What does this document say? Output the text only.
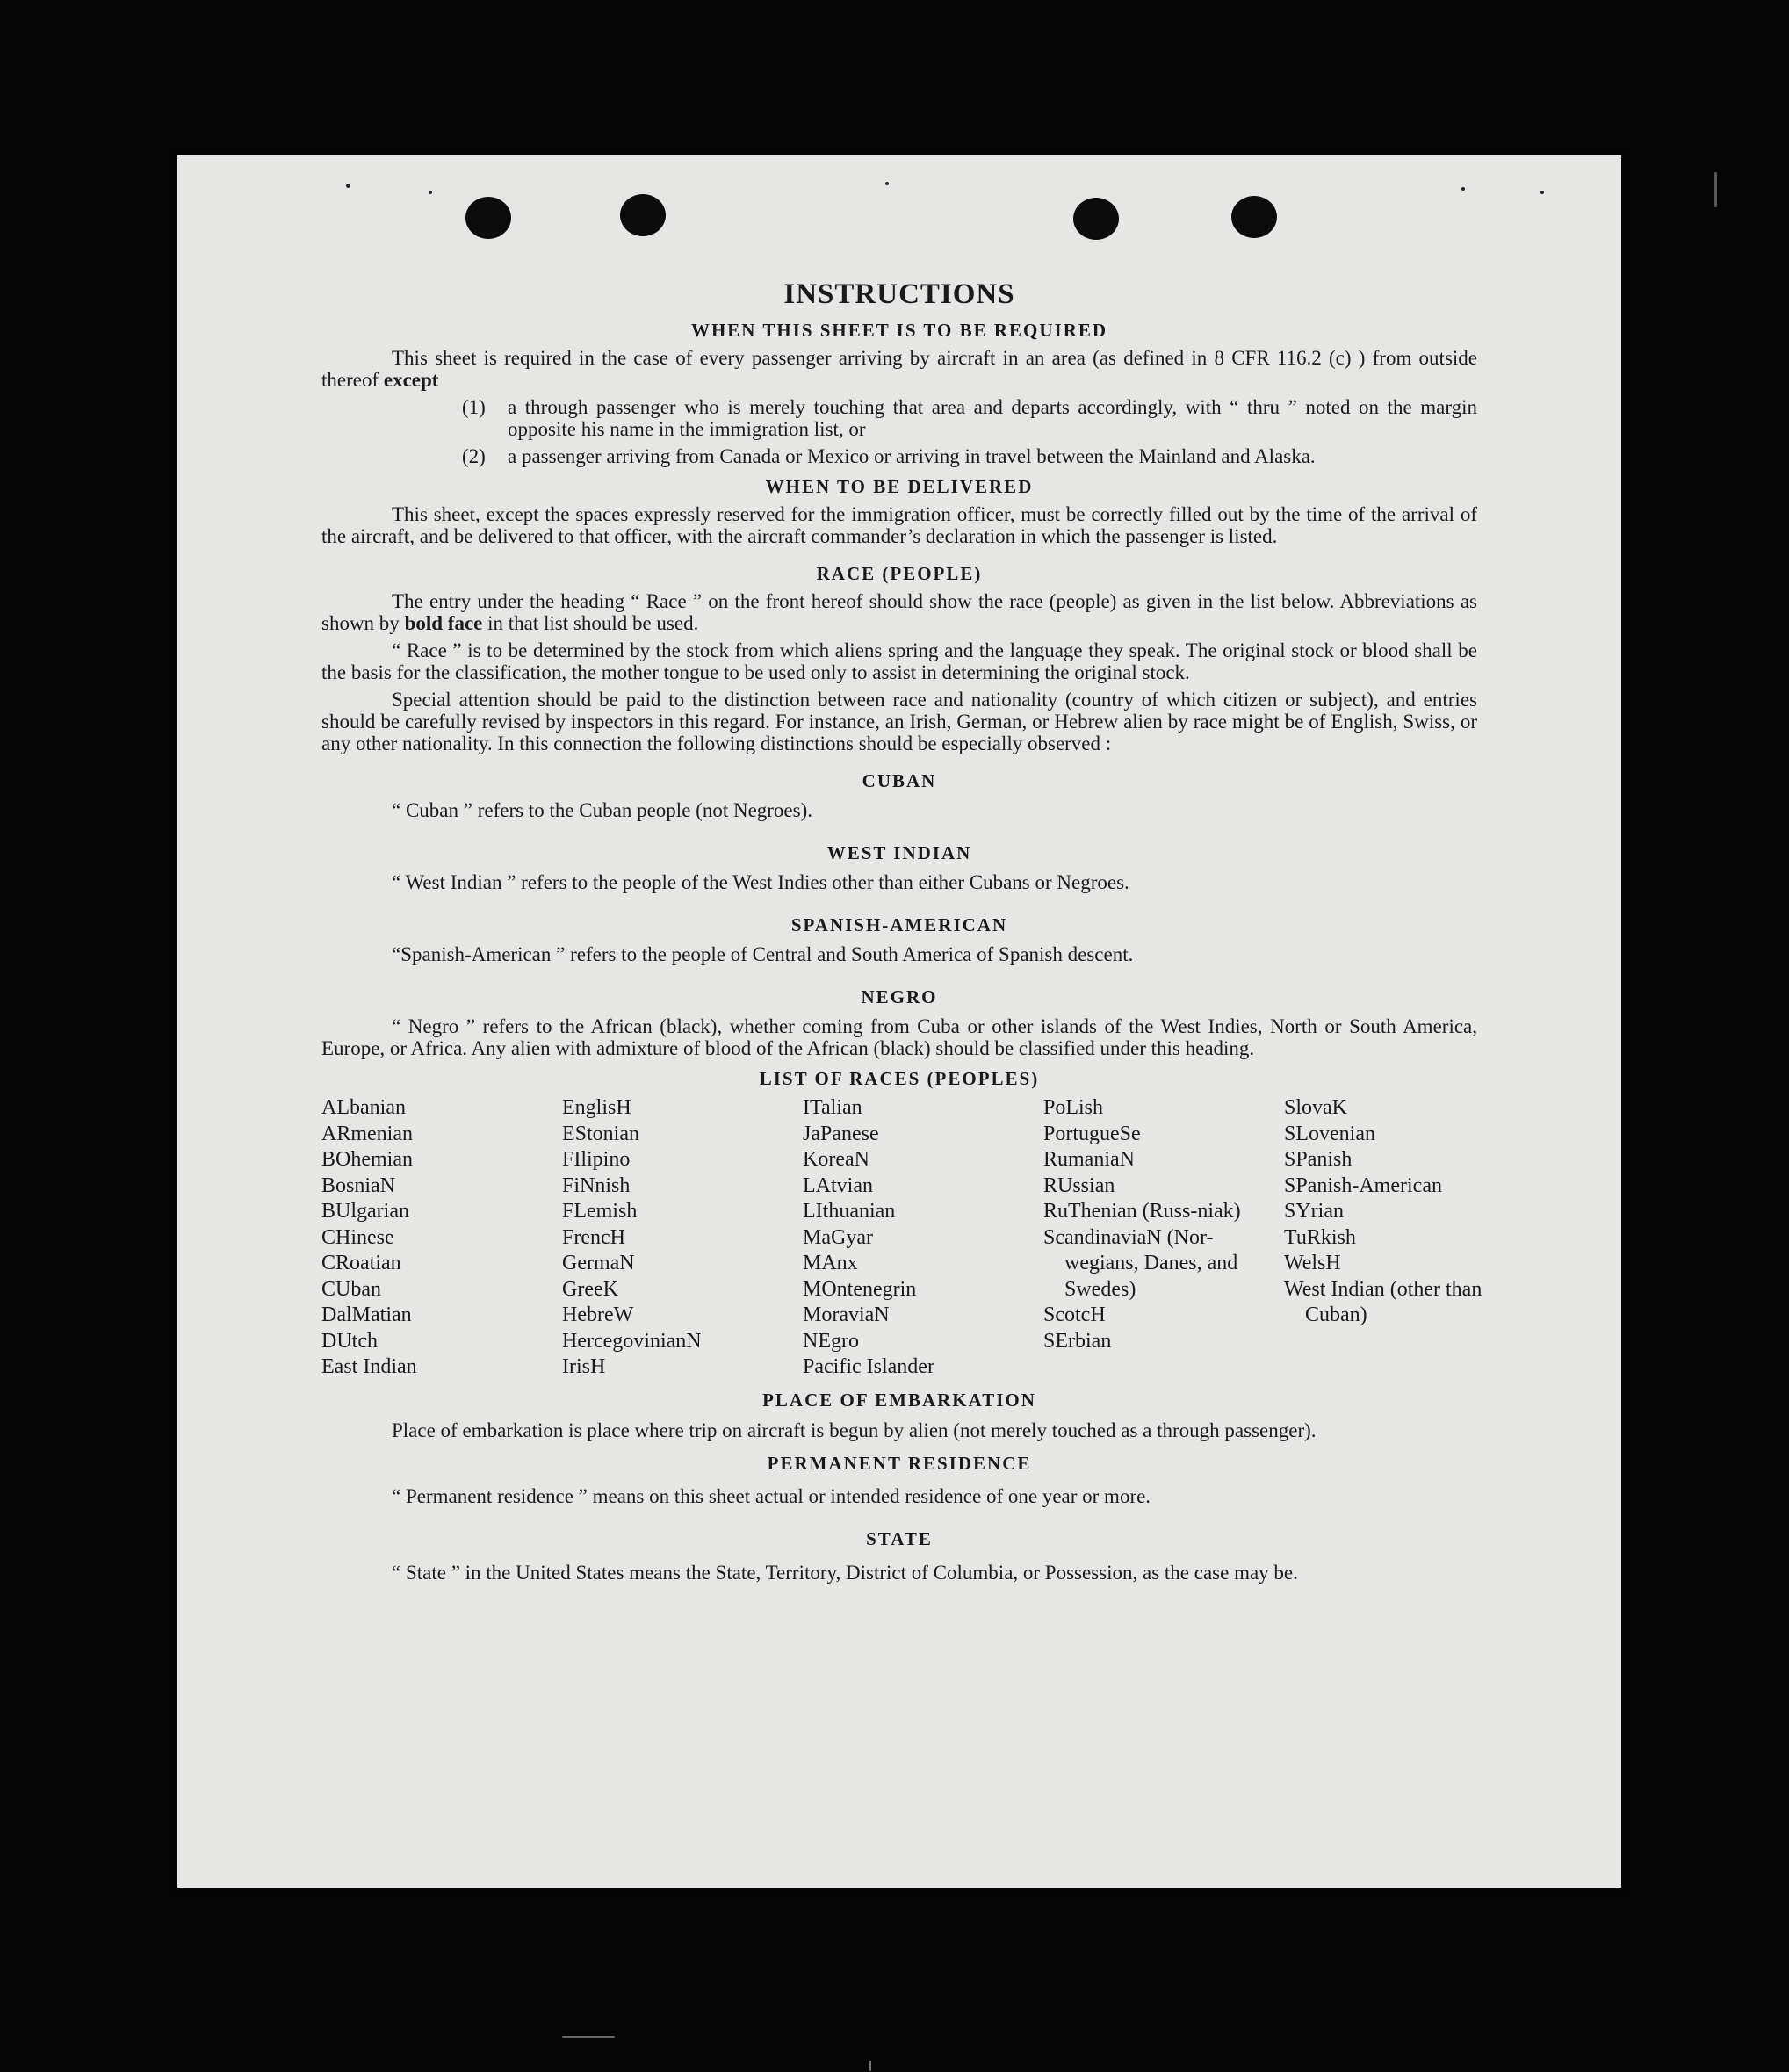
INSTRUCTIONS
WHEN THIS SHEET IS TO BE REQUIRED

This sheet is required in the case of every passenger arriving by aircraft in an area (as defined in 8 CFR 116.2 (c) ) from outside thereof except

(1)	a through passenger who is merely touching that area and departs accordingly, with “ thru ” noted on the margin opposite his name in the immigration list, or
(2)	a passenger arriving from Canada or Mexico or arriving in travel between the Mainland and Alaska.
WHEN TO BE DELIVERED

This sheet, except the spaces expressly reserved for the immigration officer, must be correctly filled out by the time of the arrival of the aircraft, and be delivered to that officer, with the aircraft commander’s declaration in which the passenger is listed.

RACE (PEOPLE)

The entry under the heading “ Race ” on the front hereof should show the race (people) as given in the list below. Abbreviations as shown by bold face in that list should be used.

“ Race ” is to be determined by the stock from which aliens spring and the language they speak. The original stock or blood shall be the basis for the classification, the mother tongue to be used only to assist in determining the original stock.

Special attention should be paid to the distinction between race and nationality (country of which citizen or subject), and entries should be carefully revised by inspectors in this regard. For instance, an Irish, German, or Hebrew alien by race might be of English, Swiss, or any other nationality. In this connection the following distinctions should be especially observed :

CUBAN

“ Cuban ” refers to the Cuban people (not Negroes).

WEST INDIAN

“ West Indian ” refers to the people of the West Indies other than either Cubans or Negroes.

SPANISH-AMERICAN

“Spanish-American ” refers to the people of Central and South America of Spanish descent.

NEGRO

“ Negro ” refers to the African (black), whether coming from Cuba or other islands of the West Indies, North or South America, Europe, or Africa. Any alien with admixture of blood of the African (black) should be classified under this heading.

LIST OF RACES (PEOPLES)
ALbanian
ARmenian
BOhemian
BosniaN
BUlgarian
CHinese
CRoatian
CUban
DalMatian
DUtch
East Indian
EnglisH
EStonian
FIlipino
FiNnish
FLemish
FrencH
GermaN
GreeK
HebreW
HercegovinianN
IrisH
ITalian
JaPanese
KoreaN
LAtvian
LIthuanian
MaGyar
MAnx
MOntenegrin
MoraviaN
NEgro
Pacific Islander
PoLish
PortugueSe
RumaniaN
RUssian
RuThenian (Russ-niak)
ScandinaviaN (Nor-wegians, Danes, and Swedes)
ScotcH
SErbian
SlovaK
SLovenian
SPanish
SPanish-American
SYrian
TuRkish
WelsH
West Indian (other than Cuban)
PLACE OF EMBARKATION

Place of embarkation is place where trip on aircraft is begun by alien (not merely touched as a through passenger).

PERMANENT RESIDENCE

“ Permanent residence ” means on this sheet actual or intended residence of one year or more.

STATE

“ State ” in the United States means the State, Territory, District of Columbia, or Possession, as the case may be.
